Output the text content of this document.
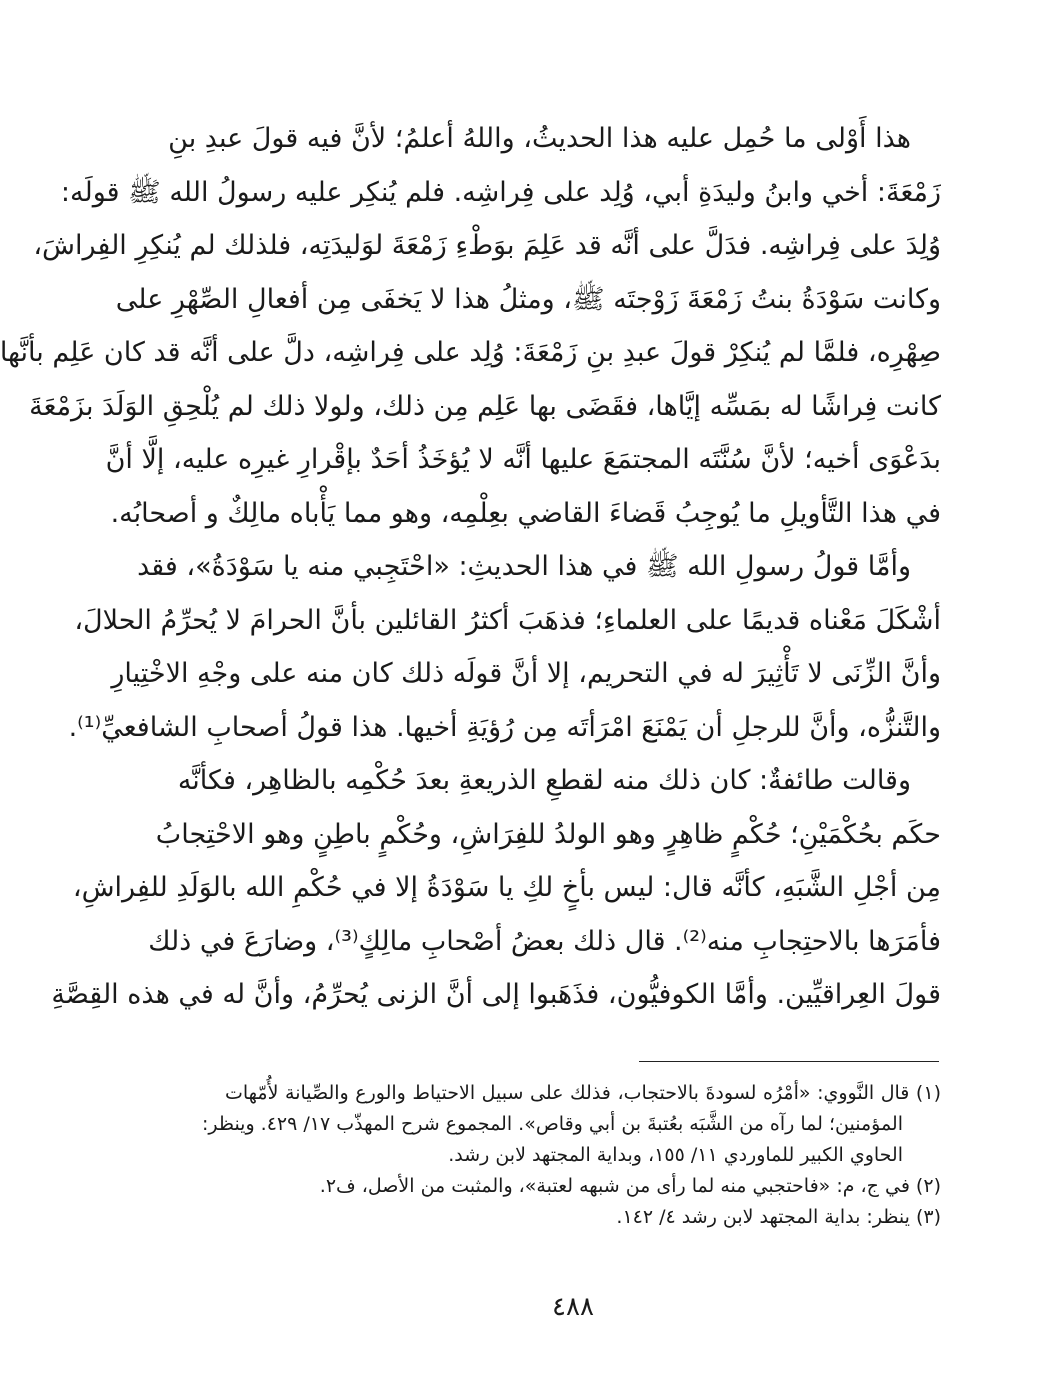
هذا أَوْلى ما حُمِل عليه هذا الحديثُ، واللهُ أعلمُ؛ لأنَّ فيه قولَ عبدِ بنِ
زَمْعَةَ: أخي وابنُ وليدَةِ أبي، وُلِد على فِراشِه. فلم يُنكِر عليه رسولُ الله ﷺ قولَه:
وُلِدَ على فِراشِه. فدَلَّ على أنَّه قد عَلِمَ بوَطْءِ زَمْعَةَ لوَليدَتِه، فلذلك لم يُنكِرِ الفِراشَ،
وكانت سَوْدَةُ بنتُ زَمْعَةَ زَوْجتَه ﷺ، ومثلُ هذا لا يَخفَى مِن أفعالِ الصِّهْرِ على
صِهْرِه، فلمَّا لم يُنكِرْ قولَ عبدِ بنِ زَمْعَةَ: وُلِد على فِراشِه، دلَّ على أنَّه قد كان عَلِم بأنَّها
كانت فِراشًا له بمَسِّه إيَّاها، فقَضَى بها عَلِم مِن ذلك، ولولا ذلك لم يُلْحِقِ الوَلَدَ بزَمْعَةَ
بدَعْوَى أخيه؛ لأنَّ سُنَّتَه المجتمَعَ عليها أنَّه لا يُؤخَذُ أحَدٌ بإقْرارِ غيرِه عليه، إلَّا أنَّ
في هذا التَّأويلِ ما يُوجِبُ قَضاءَ القاضي بعِلْمِه، وهو مما يَأْباه مالِكٌ و أصحابُه.

وأمَّا قولُ رسولِ الله ﷺ في هذا الحديثِ: «احْتَجِبي منه يا سَوْدَةُ»، فقد
أشْكَلَ مَعْناه قديمًا على العلماءِ؛ فذهَبَ أكثرُ القائلين بأنَّ الحرامَ لا يُحرِّمُ الحلالَ،
وأنَّ الزِّنَى لا تَأْثِيرَ له في التحريم، إلا أنَّ قولَه ذلك كان منه على وجْهِ الاخْتِيارِ
والتَّنزُّه، وأنَّ للرجلِ أن يَمْنَعَ امْرَأتَه مِن رُؤيَةِ أخيها. هذا قولُ أصحابِ الشافعيِّ⁽¹⁾.

وقالت طائفةٌ: كان ذلك منه لقطعِ الذريعةِ بعدَ حُكْمِه بالظاهِر، فكأنَّه
حكَم بحُكْمَيْنِ؛ حُكْمٍ ظاهِرٍ وهو الولدُ للفِرَاشِ، وحُكْمٍ باطِنٍ وهو الاحْتِجابُ
مِن أجْلِ الشَّبَهِ، كأنَّه قال: ليس بأخٍ لكِ يا سَوْدَةُ إلا في حُكْمِ الله بالوَلَدِ للفِراشِ،
فأمَرَها بالاحتِجابِ منه⁽²⁾. قال ذلك بعضُ أصْحابِ مالِكٍ⁽³⁾، وضارَعَ في ذلك
قولَ العِراقيِّين. وأمَّا الكوفيُّون، فذَهَبوا إلى أنَّ الزنى يُحرِّمُ، وأنَّ له في هذه القِصَّةِ

(١) قال النَّووي: «أمْرُه لسودةَ بالاحتجاب، فذلك على سبيل الاحتياط والورع والصِّيانة لأُمّهات
المؤمنين؛ لما رآه من الشَّبَه بعُتبةَ بن أبي وقاص». المجموع شرح المهذّب ١٧/ ٤٢٩. وينظر:
الحاوي الكبير للماوردي ١١/ ١٥٥، وبداية المجتهد لابن رشد.

(٢) في ج، م: «فاحتجبي منه لما رأى من شبهه لعتبة»، والمثبت من الأصل، ف٢.

(٣) ينظر: بداية المجتهد لابن رشد ٤/ ١٤٢.

٤٨٨
